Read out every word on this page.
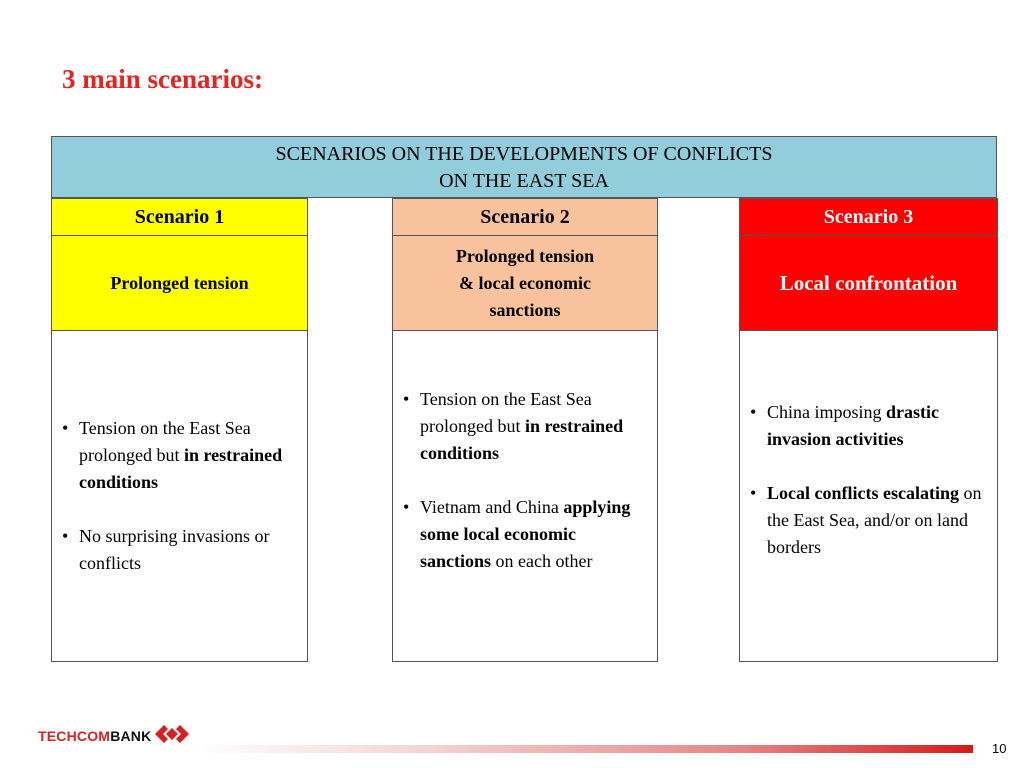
3 main scenarios:
SCENARIOS ON THE DEVELOPMENTS OF CONFLICTS
ON THE EAST SEA
Scenario 1
Prolonged tension
• Tension on the East Sea prolonged but in restrained conditions
• No surprising invasions or conflicts
Scenario 2
Prolonged tension
& local economic
sanctions
• Tension on the East Sea prolonged but in restrained conditions
• Vietnam and China applying some local economic sanctions on each other
Scenario 3
Local confrontation
• China imposing drastic invasion activities
• Local conflicts escalating on the East Sea, and/or on land borders
TECHCOMBANK
10
